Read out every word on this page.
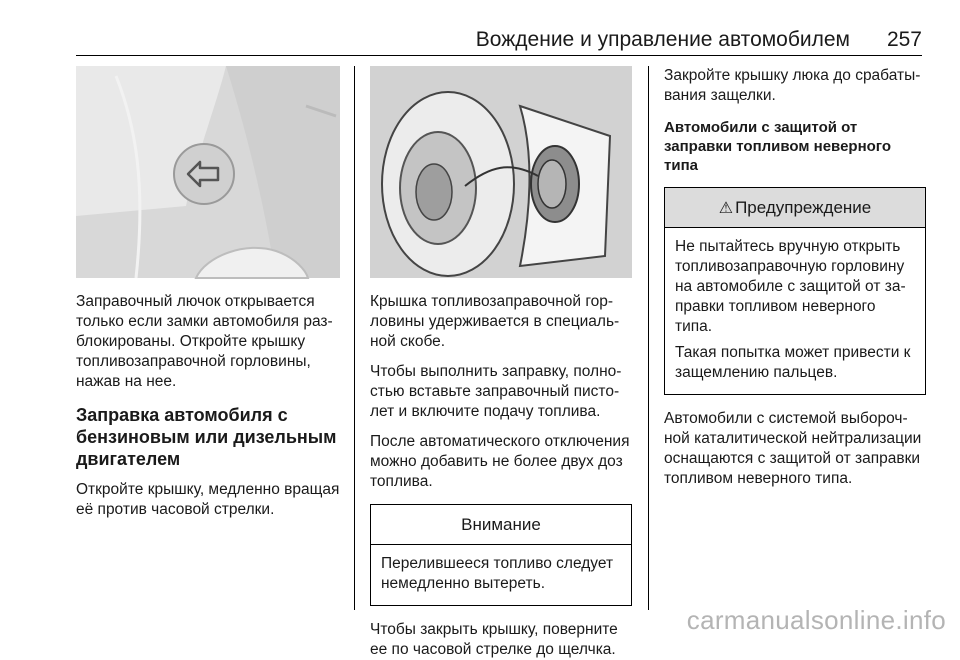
Вождение и управление автомобилем 257
Заправочный лючок открывается только если замки автомобиля разблокированы. Откройте крышку топливозаправочной горловины, нажав на нее.
Заправка автомобиля с бензиновым или дизельным двигателем
Откройте крышку, медленно вращая её против часовой стрелки.
Крышка топливозаправочной горловины удерживается в специальной скобе.
Чтобы выполнить заправку, полностью вставьте заправочный пистолет и включите подачу топлива.
После автоматического отключения можно добавить не более двух доз топлива.
Внимание
Перелившееся топливо следует немедленно вытереть.
Чтобы закрыть крышку, поверните ее по часовой стрелке до щелчка.
Закройте крышку люка до срабатывания защелки.
Автомобили с защитой от заправки топливом неверного типа
⚠ Предупреждение
Не пытайтесь вручную открыть топливозаправочную горловину на автомобиле с защитой от заправки топливом неверного типа.
Такая попытка может привести к защемлению пальцев.
Автомобили с системой выборочной каталитической нейтрализации оснащаются с защитой от заправки топливом неверного типа.
carmanualsonline.info
